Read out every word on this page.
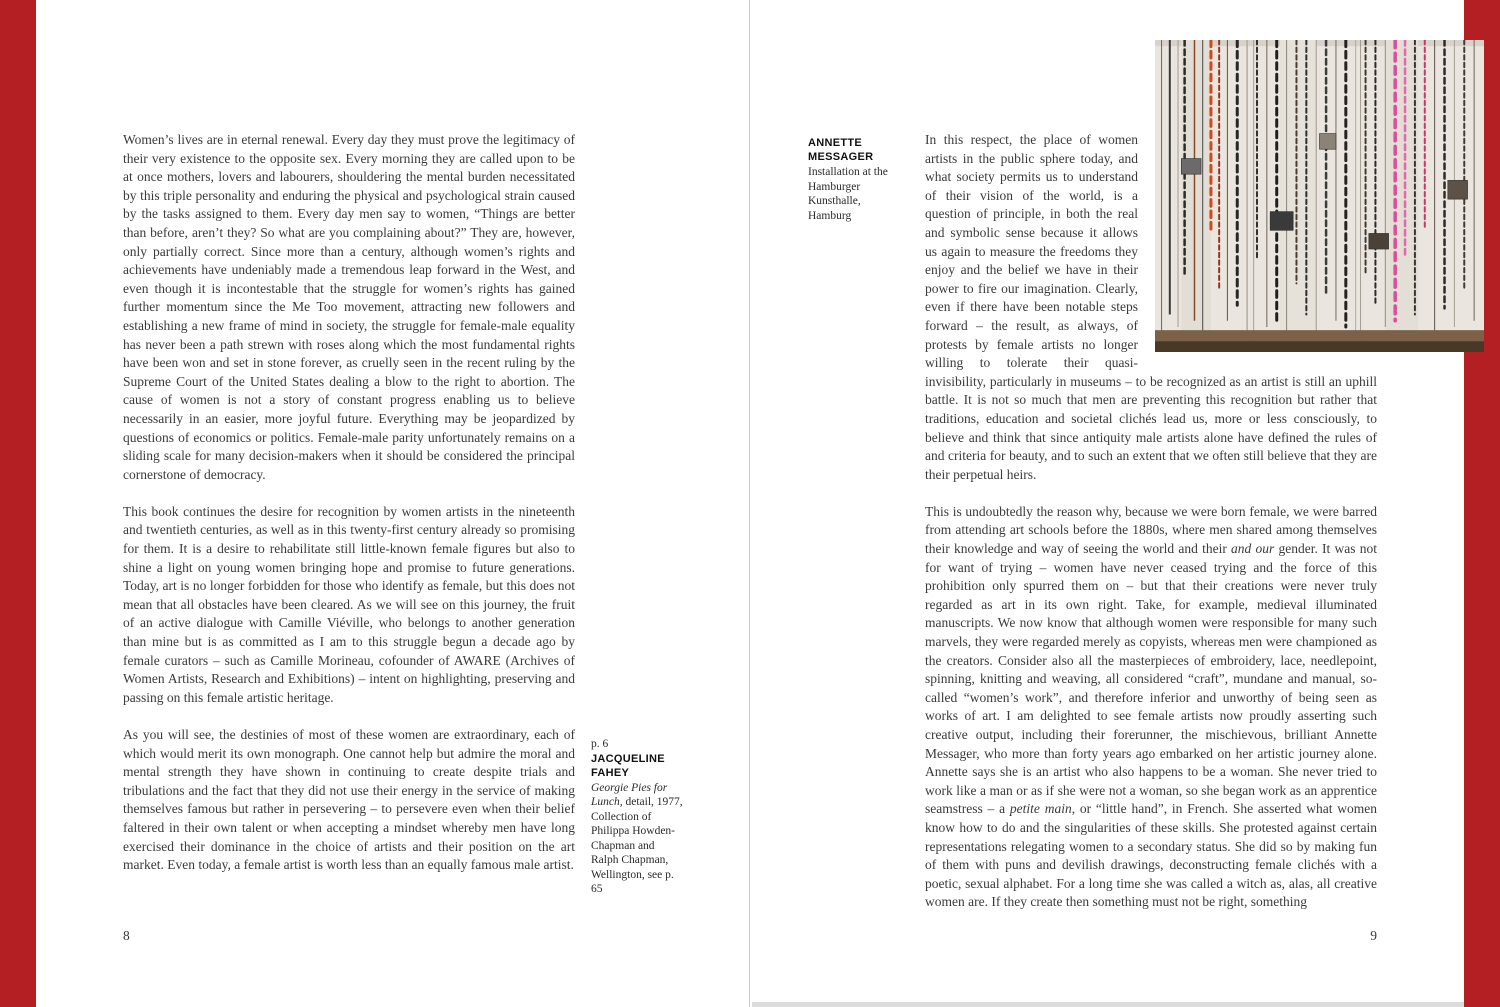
Women’s lives are in eternal renewal. Every day they must prove the legitimacy of their very existence to the opposite sex. Every morning they are called upon to be at once mothers, lovers and labourers, shouldering the mental burden necessitated by this triple personality and enduring the physical and psychological strain caused by the tasks assigned to them. Every day men say to women, “Things are better than before, aren’t they? So what are you complaining about?” They are, however, only partially correct. Since more than a century, although women’s rights and achievements have undeniably made a tremendous leap forward in the West, and even though it is incontestable that the struggle for women’s rights has gained further momentum since the Me Too movement, attracting new followers and establishing a new frame of mind in society, the struggle for female-male equality has never been a path strewn with roses along which the most fundamental rights have been won and set in stone forever, as cruelly seen in the recent ruling by the Supreme Court of the United States dealing a blow to the right to abortion. The cause of women is not a story of constant progress enabling us to believe necessarily in an easier, more joyful future. Everything may be jeopardized by questions of economics or politics. Female-male parity unfortunately remains on a sliding scale for many decision-makers when it should be considered the principal cornerstone of democracy.

This book continues the desire for recognition by women artists in the nineteenth and twentieth centuries, as well as in this twenty-first century already so promising for them. It is a desire to rehabilitate still little-known female figures but also to shine a light on young women bringing hope and promise to future generations. Today, art is no longer forbidden for those who identify as female, but this does not mean that all obstacles have been cleared. As we will see on this journey, the fruit of an active dialogue with Camille Viéville, who belongs to another generation than mine but is as committed as I am to this struggle begun a decade ago by female curators – such as Camille Morineau, cofounder of AWARE (Archives of Women Artists, Research and Exhibitions) – intent on highlighting, preserving and passing on this female artistic heritage.

As you will see, the destinies of most of these women are extraordinary, each of which would merit its own monograph. One cannot help but admire the moral and mental strength they have shown in continuing to create despite trials and tribulations and the fact that they did not use their energy in the service of making themselves famous but rather in persevering – to persevere even when their belief faltered in their own talent or when accepting a mindset whereby men have long exercised their dominance in the choice of artists and their position on the art market. Even today, a female artist is worth less than an equally famous male artist.

p. 6
JACQUELINE FAHEY
Georgie Pies for Lunch, detail, 1977, Collection of Philippa Howden-Chapman and Ralph Chapman, Wellington, see p. 65
8
ANNETTE MESSAGER
Installation at the Hamburger Kunsthalle, Hamburg

In this respect, the place of women artists in the public sphere today, and what society permits us to understand of their vision of the world, is a question of principle, in both the real and symbolic sense because it allows us again to measure the freedoms they enjoy and the belief we have in their power to fire our imagination. Clearly, even if there have been notable steps forward – the result, as always, of protests by female artists no longer willing to tolerate their quasi-invisibility, particularly in museums – to be recognized as an artist is still an uphill battle. It is not so much that men are preventing this recognition but rather that traditions, education and societal clichés lead us, more or less consciously, to believe and think that since antiquity male artists alone have defined the rules of and criteria for beauty, and to such an extent that we often still believe that they are their perpetual heirs.

This is undoubtedly the reason why, because we were born female, we were barred from attending art schools before the 1880s, where men shared among themselves their knowledge and way of seeing the world and their and our gender. It was not for want of trying – women have never ceased trying and the force of this prohibition only spurred them on – but that their creations were never truly regarded as art in its own right. Take, for example, medieval illuminated manuscripts. We now know that although women were responsible for many such marvels, they were regarded merely as copyists, whereas men were championed as the creators. Consider also all the masterpieces of embroidery, lace, needlepoint, spinning, knitting and weaving, all considered “craft”, mundane and manual, so-called “women’s work”, and therefore inferior and unworthy of being seen as works of art. I am delighted to see female artists now proudly asserting such creative output, including their forerunner, the mischievous, brilliant Annette Messager, who more than forty years ago embarked on her artistic journey alone. Annette says she is an artist who also happens to be a woman. She never tried to work like a man or as if she were not a woman, so she began work as an apprentice seamstress – a petite main, or “little hand”, in French. She asserted what women know how to do and the singularities of these skills. She protested against certain representations relegating women to a secondary status. She did so by making fun of them with puns and devilish drawings, deconstructing female clichés with a poetic, sexual alphabet. For a long time she was called a witch as, alas, all creative women are. If they create then something must not be right, something

9
